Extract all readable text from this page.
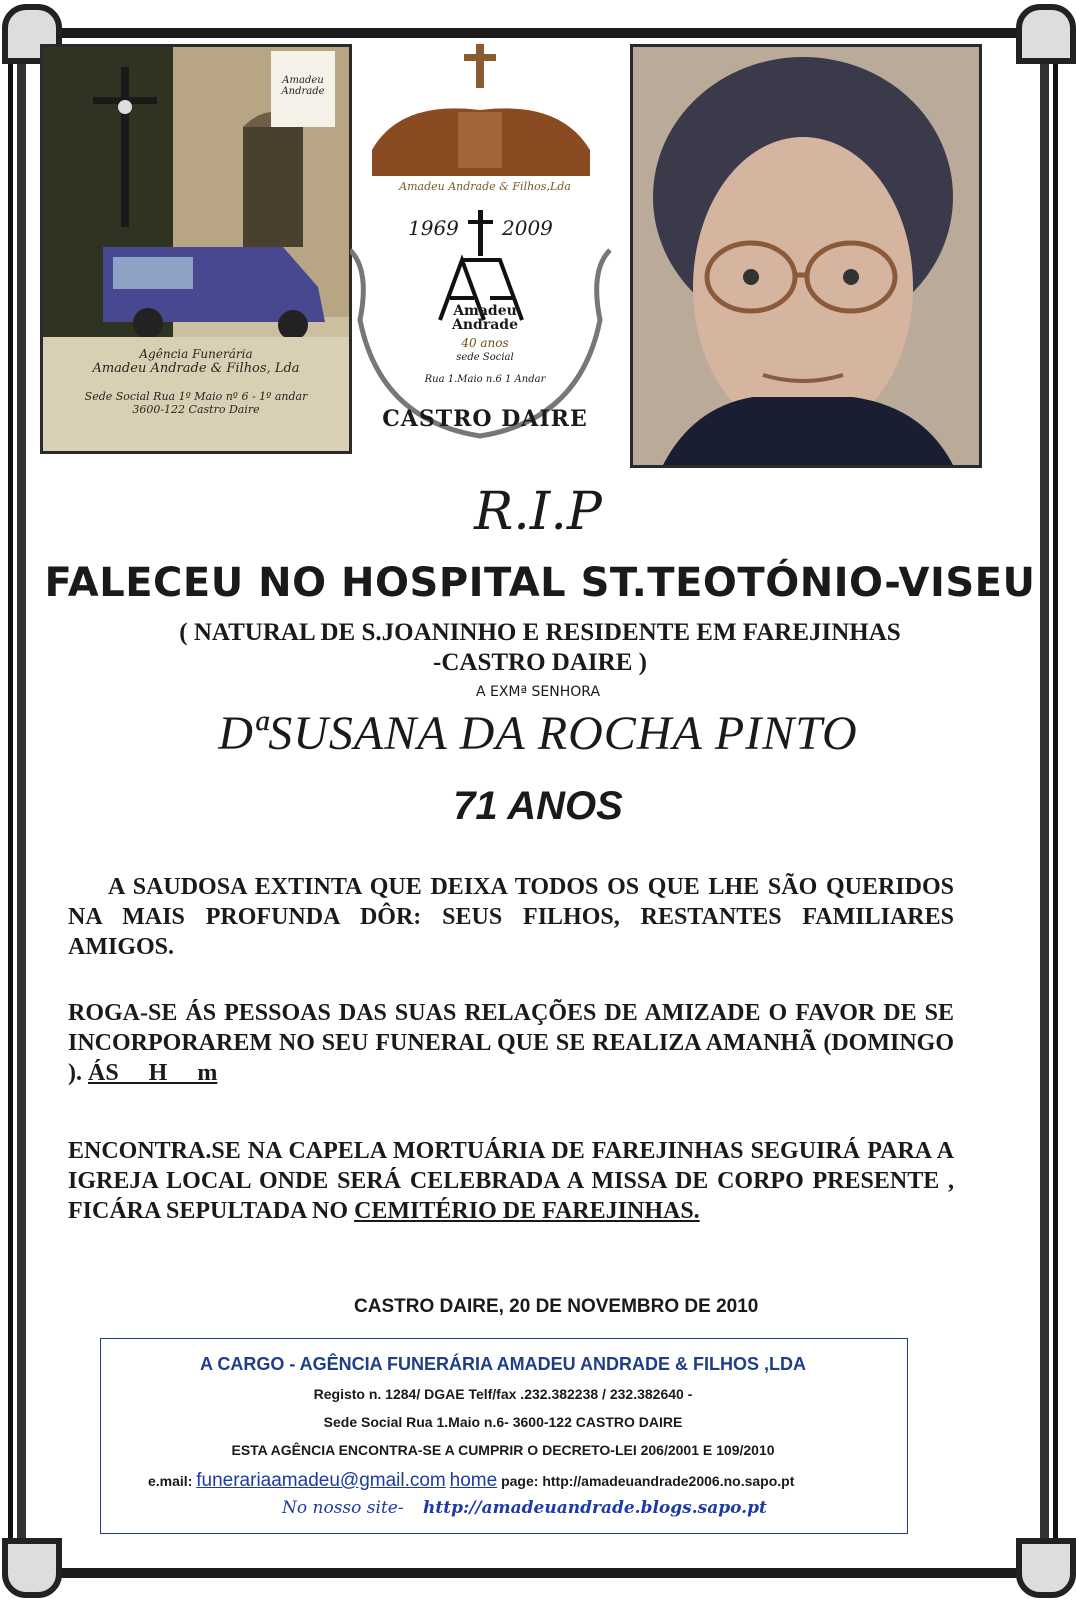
Amadeu
Andrade
Agência Funerária
Amadeu Andrade & Filhos, Lda
Sede Social Rua 1º Maio nº 6 - 1º andar
3600-122 Castro Daire
Amadeu Andrade & Filhos,Lda
1969 2009
Amadeu
Andrade
40 anos
sede Social
Rua 1.Maio n.6 1 Andar
CASTRO DAIRE
R.I.P
FALECEU NO HOSPITAL ST.TEOTÓNIO-VISEU
( NATURAL DE S.JOANINHO E RESIDENTE EM FAREJINHAS
-CASTRO DAIRE )
A EXMª SENHORA
DªSUSANA DA ROCHA PINTO
71 ANOS
A SAUDOSA EXTINTA QUE DEIXA TODOS OS QUE LHE SÃO QUERIDOS NA MAIS PROFUNDA DÔR: SEUS FILHOS, RESTANTES FAMILIARES AMIGOS.
ROGA-SE ÁS PESSOAS DAS SUAS RELAÇÕES DE AMIZADE O FAVOR DE SE INCORPORAREM NO SEU FUNERAL QUE SE REALIZA AMANHÃ (DOMINGO ). ÁS     H     m
ENCONTRA.SE NA CAPELA MORTUÁRIA DE FAREJINHAS SEGUIRÁ PARA A IGREJA LOCAL ONDE SERÁ CELEBRADA A MISSA DE CORPO PRESENTE , FICÁRA SEPULTADA NO CEMITÉRIO DE FAREJINHAS.
CASTRO DAIRE, 20 DE NOVEMBRO DE 2010
A CARGO - AGÊNCIA FUNERÁRIA AMADEU ANDRADE & FILHOS ,LDA
Registo n. 1284/ DGAE Telf/fax .232.382238 / 232.382640 -
Sede Social Rua 1.Maio n.6- 3600-122 CASTRO DAIRE
ESTA AGÊNCIA ENCONTRA-SE A CUMPRIR O DECRETO-LEI 206/2001 E 109/2010
e.mail: funerariaamadeu@gmail.com home page: http://amadeuandrade2006.no.sapo.pt
No nosso site- http://amadeuandrade.blogs.sapo.pt
